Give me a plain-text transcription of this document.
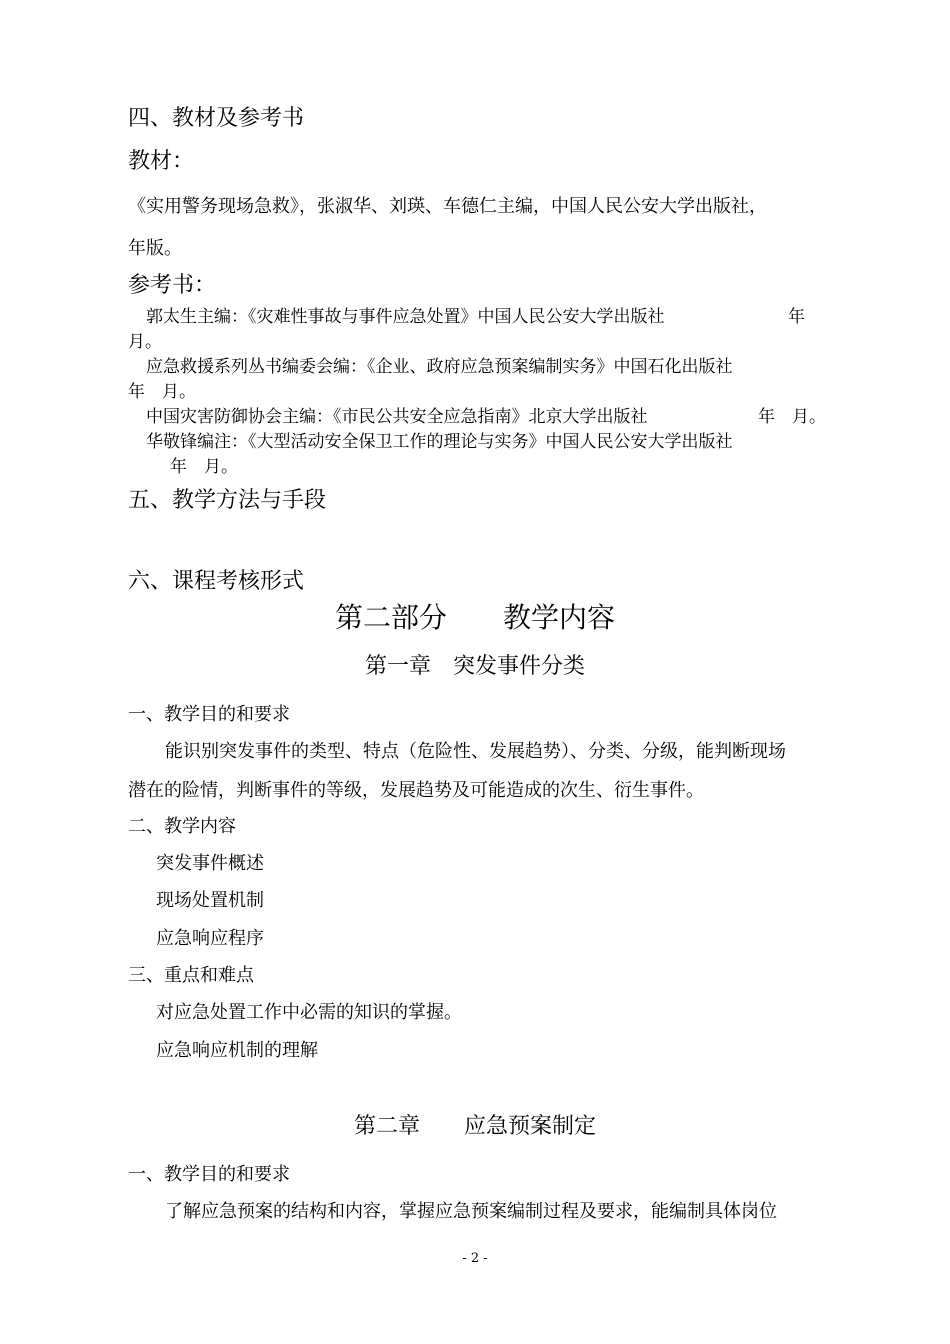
四、教材及参考书
教材：
《实用警务现场急救》，张淑华、刘瑛、车德仁主编，中国人民公安大学出版社，
年版。
参考书：
郭太生主编：《灾难性事故与事件应急处置》中国人民公安大学出版社	年
月。
应急救援系列丛书编委会编：《企业、政府应急预案编制实务》中国石化出版社
年　月。
中国灾害防御协会主编：《市民公共安全应急指南》北京大学出版社	年　月。
华敬锋编注：《大型活动安全保卫工作的理论与实务》中国人民公安大学出版社
年　月。
五、教学方法与手段
六、课程考核形式
第二部分　　教学内容
第一章　突发事件分类
一、教学目的和要求
能识别突发事件的类型、特点（危险性、发展趋势）、分类、分级，能判断现场
潜在的险情，判断事件的等级，发展趋势及可能造成的次生、衍生事件。
二、教学内容
突发事件概述
现场处置机制
应急响应程序
三、重点和难点
对应急处置工作中必需的知识的掌握。
应急响应机制的理解
第二章　　应急预案制定
一、教学目的和要求
了解应急预案的结构和内容，掌握应急预案编制过程及要求，能编制具体岗位
- 2 -
